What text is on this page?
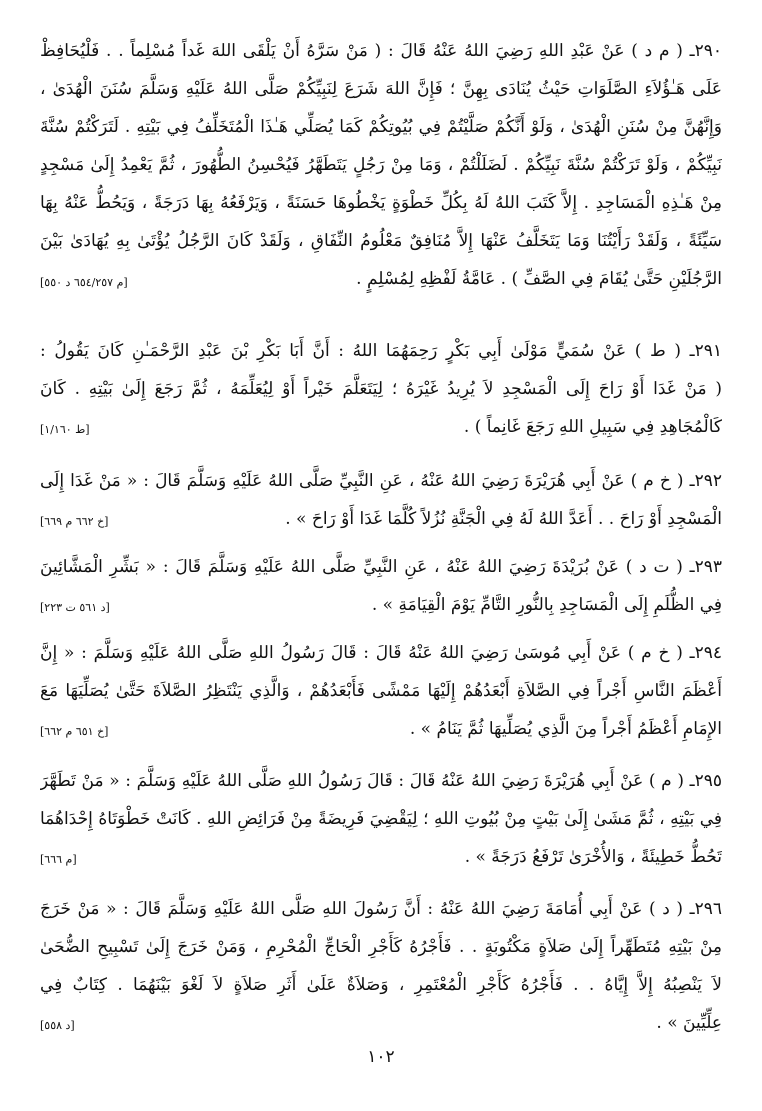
٢٩٠ـ ( م د ) عَنْ عَبْدِ اللهِ رَضِيَ اللهُ عَنْهُ قَالَ : ( مَنْ سَرَّهُ أَنْ يَلْقَى اللهَ غَداً مُسْلِماً . . فَلْيُحَافِظْ
عَلَى هَـٰؤُلاَءِ الصَّلَوَاتِ حَيْثُ يُنَادَى بِهِنَّ ؛ فَإِنَّ اللهَ شَرَعَ لِنَبِيِّكُمْ صَلَّى اللهُ عَلَيْهِ وَسَلَّمَ سُنَنَ الْهُدَىٰ ،
وَإِنَّهُنَّ مِنْ سُنَنِ الْهُدَىٰ ، وَلَوْ أَنَّكُمْ صَلَّيْتُمْ فِي بُيُوتِكُمْ كَمَا يُصَلِّي هَـٰذَا الْمُتَخَلِّفُ فِي بَيْتِهِ . لَتَرَكْتُمْ سُنَّةَ
نَبِيِّكُمْ ، وَلَوْ تَرَكْتُمْ سُنَّةَ نَبِيِّكُمْ . لَضَلَلْتُمْ ، وَمَا مِنْ رَجُلٍ يَتَطَهَّرُ فَيُحْسِنُ الطُّهُورَ ، ثُمَّ يَعْمِدُ إِلَىٰ مَسْجِدٍ
مِنْ هَـٰذِهِ الْمَسَاجِدِ . إِلاَّ كَتَبَ اللهُ لَهُ بِكُلِّ خَطْوَةٍ يَخْطُوهَا حَسَنَةً ، وَيَرْفَعُهُ بِهَا دَرَجَةً ، وَيَحُطُّ عَنْهُ بِهَا
سَيِّئَةً ، وَلَقَدْ رَأَيْتُنَا وَمَا يَتَخَلَّفُ عَنْهَا إِلاَّ مُنَافِقٌ مَعْلُومُ النِّفَاقِ ، وَلَقَدْ كَانَ الرَّجُلُ يُؤْتَىٰ بِهِ يُهَادَىٰ بَيْنَ
الرَّجُلَيْنِ حَتَّىٰ يُقَامَ فِي الصَّفِّ ) . عَامَّةُ لَفْظِهِ لِمُسْلِمٍ .
[م ٦٥٤/٢٥٧ د ٥٥٠]
٢٩١ـ ( ط ) عَنْ سُمَيٍّ مَوْلَىٰ أَبِي بَكْرٍ رَحِمَهُمَا اللهُ : أَنَّ أَبَا بَكْرِ بْنَ عَبْدِ الرَّحْمَـٰنِ كَانَ يَقُولُ :
( مَنْ غَدَا أَوْ رَاحَ إِلَى الْمَسْجِدِ لاَ يُرِيدُ غَيْرَهُ ؛ لِيَتَعَلَّمَ خَيْراً أَوْ لِيُعَلِّمَهُ ، ثُمَّ رَجَعَ إِلَىٰ بَيْتِهِ . كَانَ
كَالْمُجَاهِدِ فِي سَبِيلِ اللهِ رَجَعَ غَانِماً ) .
[ط ١/١٦٠]
٢٩٢ـ ( خ م ) عَنْ أَبِي هُرَيْرَةَ رَضِيَ اللهُ عَنْهُ ، عَنِ النَّبِيِّ صَلَّى اللهُ عَلَيْهِ وَسَلَّمَ قَالَ : « مَنْ غَدَا إِلَى
الْمَسْجِدِ أَوْ رَاحَ . . أَعَدَّ اللهُ لَهُ فِي الْجَنَّةِ نُزُلاً كُلَّمَا غَدَا أَوْ رَاحَ » .
[خ ٦٦٢ م ٦٦٩]
٢٩٣ـ ( ت د ) عَنْ بُرَيْدَةَ رَضِيَ اللهُ عَنْهُ ، عَنِ النَّبِيِّ صَلَّى اللهُ عَلَيْهِ وَسَلَّمَ قَالَ : « بَشِّرِ الْمَشَّائِينَ
فِي الظُّلَمِ إِلَى الْمَسَاجِدِ بِالنُّورِ التَّامِّ يَوْمَ الْقِيَامَةِ » .
[د ٥٦١ ت ٢٢٣]
٢٩٤ـ ( خ م ) عَنْ أَبِي مُوسَىٰ رَضِيَ اللهُ عَنْهُ قَالَ : قَالَ رَسُولُ اللهِ صَلَّى اللهُ عَلَيْهِ وَسَلَّمَ : « إِنَّ
أَعْظَمَ النَّاسِ أَجْراً فِي الصَّلاَةِ أَبْعَدُهُمْ إِلَيْهَا مَمْشًى فَأَبْعَدُهُمْ ، وَالَّذِي يَنْتَظِرُ الصَّلاَةَ حَتَّىٰ يُصَلِّيَهَا مَعَ
الإِمَامِ أَعْظَمُ أَجْراً مِنَ الَّذِي يُصَلِّيهَا ثُمَّ يَنَامُ » .
[خ ٦٥١ م ٦٦٢]
٢٩٥ـ ( م ) عَنْ أَبِي هُرَيْرَةَ رَضِيَ اللهُ عَنْهُ قَالَ : قَالَ رَسُولُ اللهِ صَلَّى اللهُ عَلَيْهِ وَسَلَّمَ : « مَنْ تَطَهَّرَ
فِي بَيْتِهِ ، ثُمَّ مَشَىٰ إِلَىٰ بَيْتٍ مِنْ بُيُوتِ اللهِ ؛ لِيَقْضِيَ فَرِيضَةً مِنْ فَرَائِضِ اللهِ . كَانَتْ خَطْوَتَاهُ إِحْدَاهُمَا
تَحُطُّ خَطِيئَةً ، وَالأُخْرَىٰ تَرْفَعُ دَرَجَةً » .
[م ٦٦٦]
٢٩٦ـ ( د ) عَنْ أَبِي أُمَامَةَ رَضِيَ اللهُ عَنْهُ : أَنَّ رَسُولَ اللهِ صَلَّى اللهُ عَلَيْهِ وَسَلَّمَ قَالَ : « مَنْ خَرَجَ
مِنْ بَيْتِهِ مُتَطَهِّراً إِلَىٰ صَلاَةٍ مَكْتُوبَةٍ . . فَأَجْرُهُ كَأَجْرِ الْحَاجِّ الْمُحْرِمِ ، وَمَنْ خَرَجَ إِلَىٰ تَسْبِيحِ الضُّحَىٰ
لاَ يَنْصِبُهُ إِلاَّ إِيَّاهُ . . فَأَجْرُهُ كَأَجْرِ الْمُعْتَمِرِ ، وَصَلاَةٌ عَلَىٰ أَثَرِ صَلاَةٍ لاَ لَغْوَ بَيْنَهُمَا . كِتَابٌ فِي
عِلِّيِّينَ » .
[د ٥٥٨]
١٠٢
